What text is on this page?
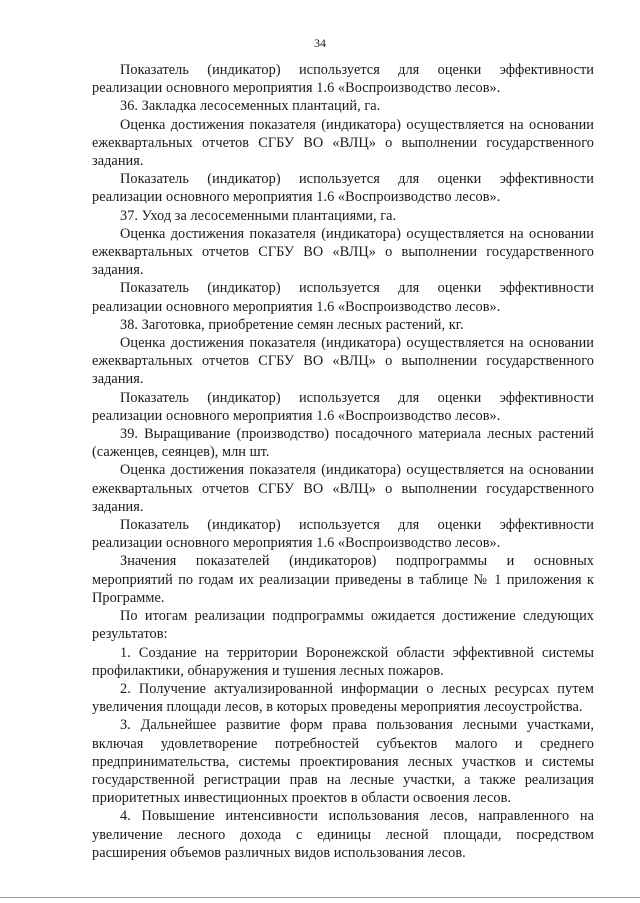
34

Показатель (индикатор) используется для оценки эффективности реализации основного мероприятия 1.6 «Воспроизводство лесов».

36. Закладка лесосеменных плантаций, га.

Оценка достижения показателя (индикатора) осуществляется на основании ежеквартальных отчетов СГБУ ВО «ВЛЦ» о выполнении государственного задания.

Показатель (индикатор) используется для оценки эффективности реализации основного мероприятия 1.6 «Воспроизводство лесов».

37. Уход за лесосеменными плантациями, га.

Оценка достижения показателя (индикатора) осуществляется на основании ежеквартальных отчетов СГБУ ВО «ВЛЦ» о выполнении государственного задания.

Показатель (индикатор) используется для оценки эффективности реализации основного мероприятия 1.6 «Воспроизводство лесов».

38. Заготовка, приобретение семян лесных растений, кг.

Оценка достижения показателя (индикатора) осуществляется на основании ежеквартальных отчетов СГБУ ВО «ВЛЦ» о выполнении государственного задания.

Показатель (индикатор) используется для оценки эффективности реализации основного мероприятия 1.6 «Воспроизводство лесов».

39. Выращивание (производство) посадочного материала лесных растений (саженцев, сеянцев), млн шт.

Оценка достижения показателя (индикатора) осуществляется на основании ежеквартальных отчетов СГБУ ВО «ВЛЦ» о выполнении государственного задания.

Показатель (индикатор) используется для оценки эффективности реализации основного мероприятия 1.6 «Воспроизводство лесов».

Значения показателей (индикаторов) подпрограммы и основных мероприятий по годам их реализации приведены в таблице № 1 приложения к Программе.

По итогам реализации подпрограммы ожидается достижение следующих результатов:

1. Создание на территории Воронежской области эффективной системы профилактики, обнаружения и тушения лесных пожаров.

2. Получение актуализированной информации о лесных ресурсах путем увеличения площади лесов, в которых проведены мероприятия лесоустройства.

3. Дальнейшее развитие форм права пользования лесными участками, включая удовлетворение потребностей субъектов малого и среднего предпринимательства, системы проектирования лесных участков и системы государственной регистрации прав на лесные участки, а также реализация приоритетных инвестиционных проектов в области освоения лесов.

4. Повышение интенсивности использования лесов, направленного на увеличение лесного дохода с единицы лесной площади, посредством расширения объемов различных видов использования лесов.
